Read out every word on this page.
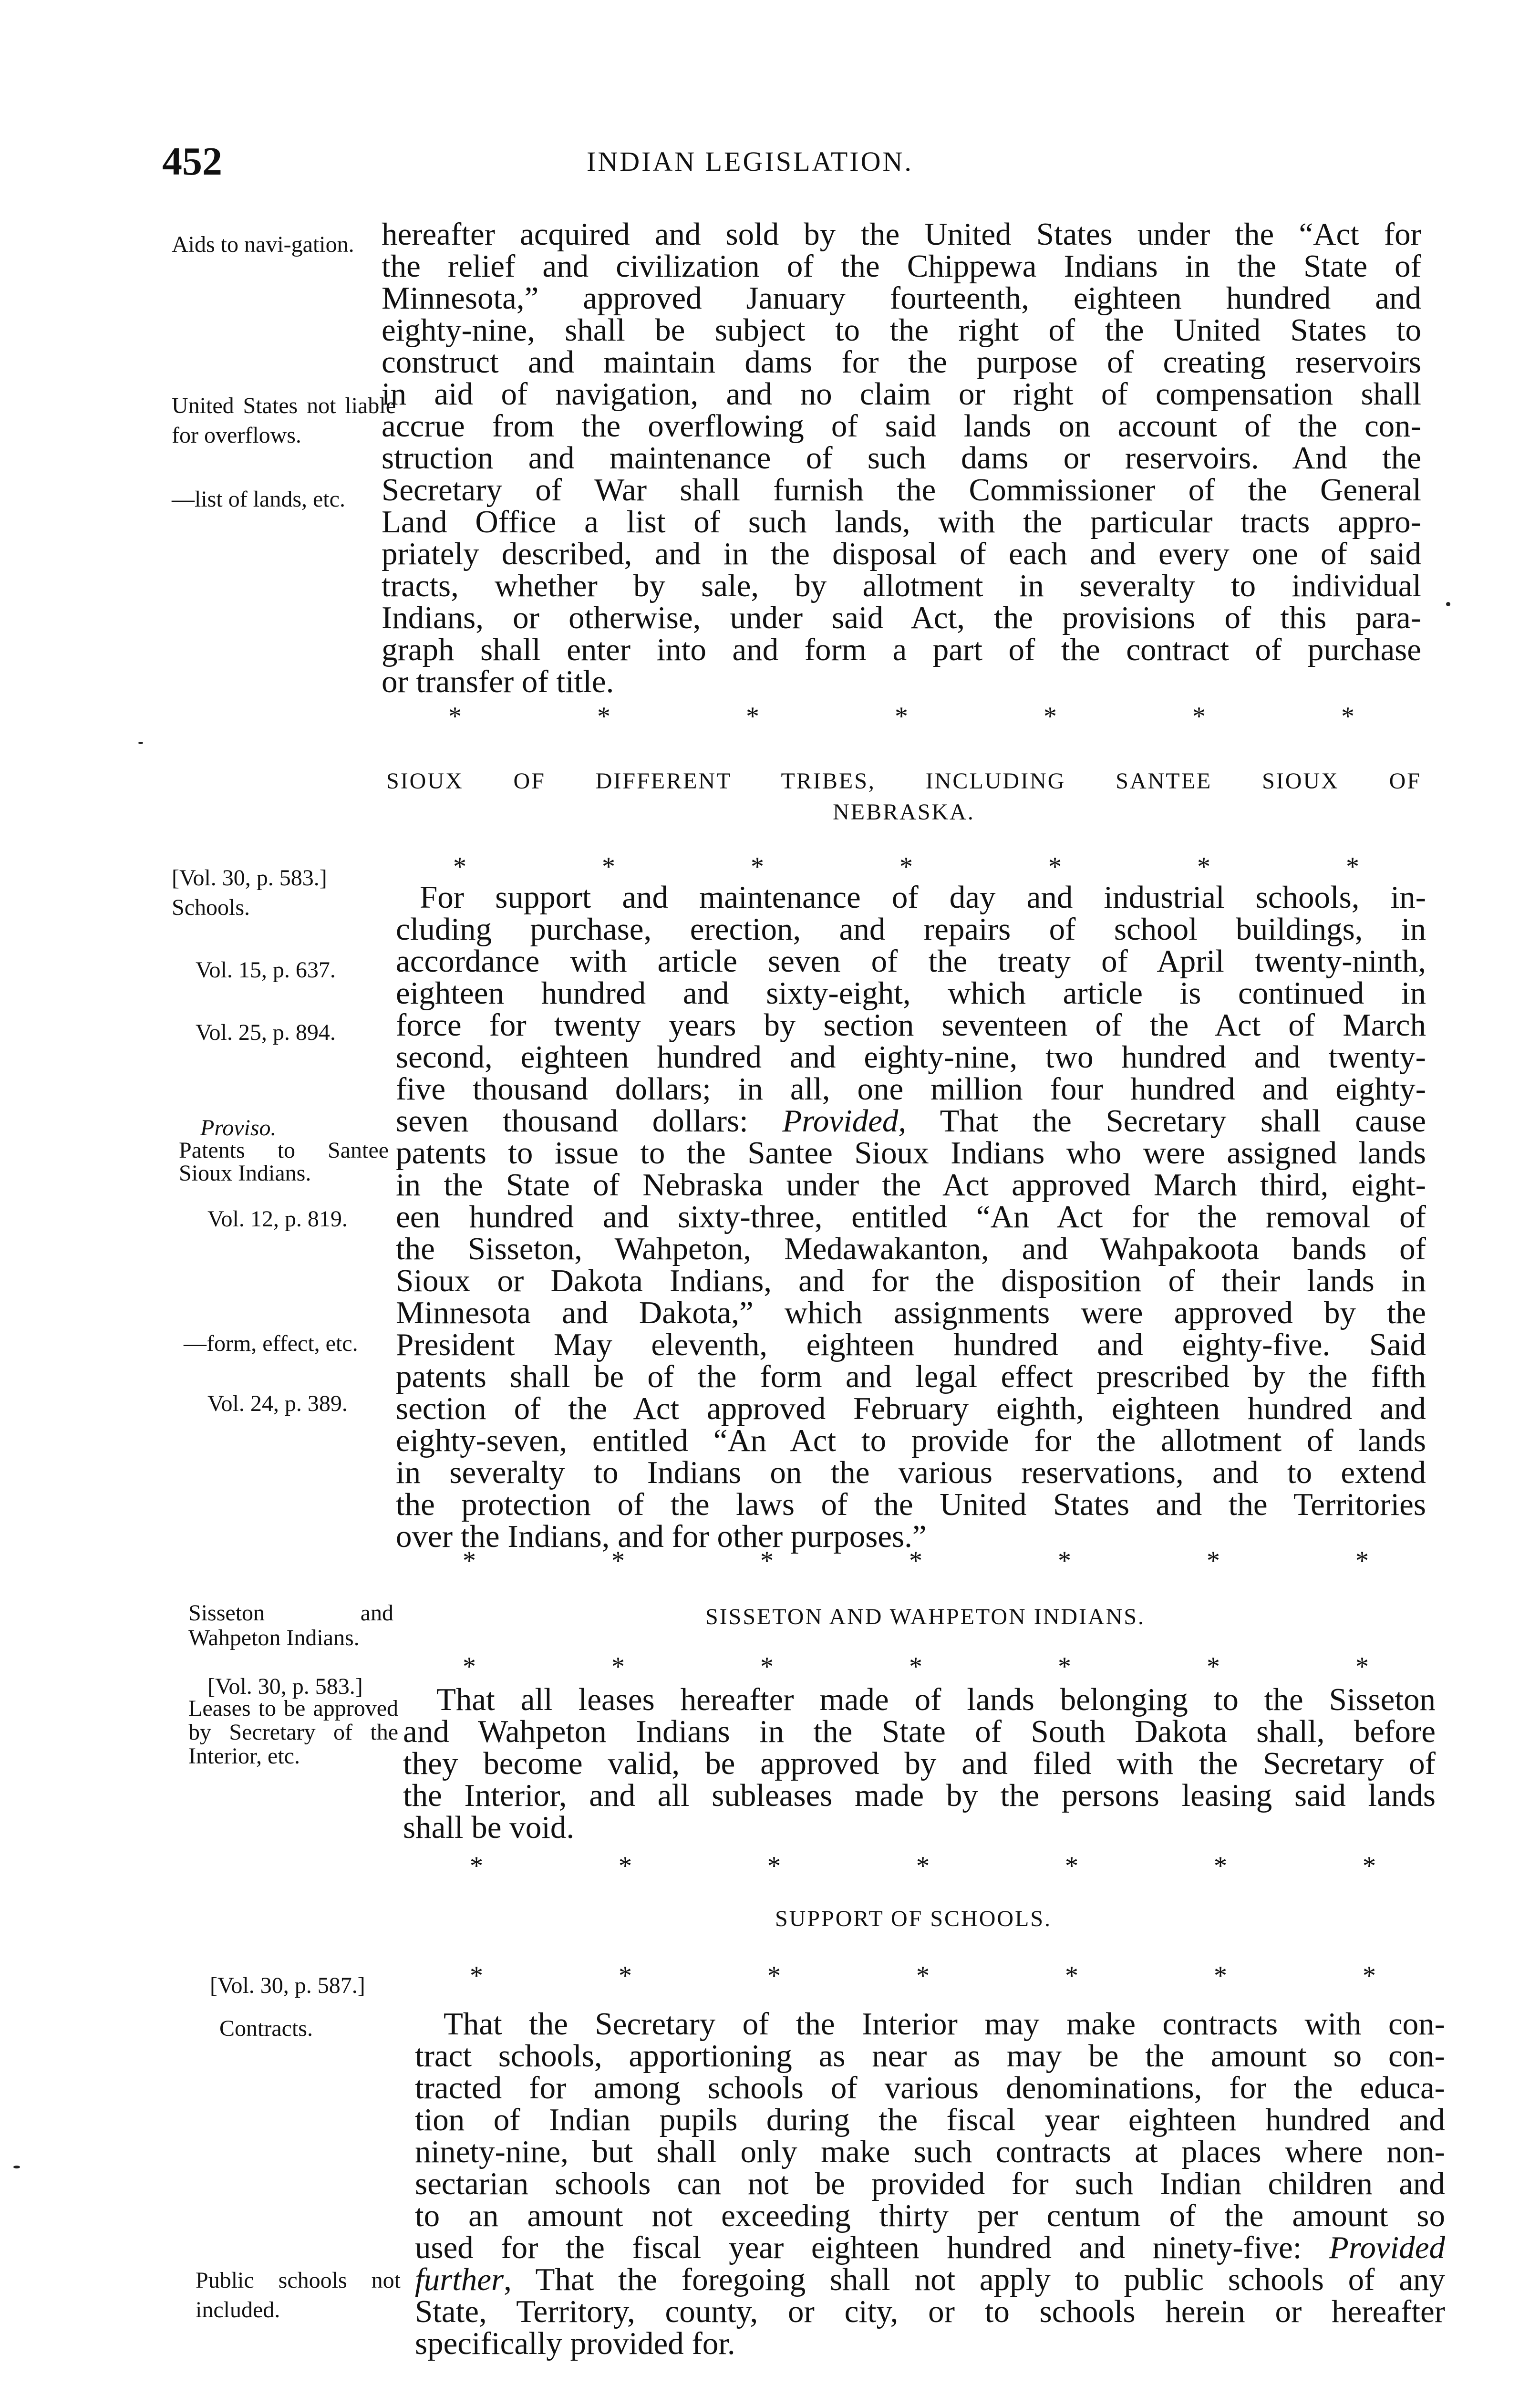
452	INDIAN LEGISLATION.
Aids to navi-gation.
United States not liable for overflows.
—list of lands, etc.
hereafter acquired and sold by the United States under the “Act for
the relief and civilization of the Chippewa Indians in the State of
Minnesota,” approved January fourteenth, eighteen hundred and
eighty-nine, shall be subject to the right of the United States to
construct and maintain dams for the purpose of creating reservoirs
in aid of navigation, and no claim or right of compensation shall
accrue from the overflowing of said lands on account of the con-
struction and maintenance of such dams or reservoirs. And the
Secretary of War shall furnish the Commissioner of the General
Land Office a list of such lands, with the particular tracts appro-
priately described, and in the disposal of each and every one of said
tracts, whether by sale, by allotment in severalty to individual
Indians, or otherwise, under said Act, the provisions of this para-
graph shall enter into and form a part of the contract of purchase
or transfer of title.
*	*	*	*	*	*	*
SIOUX OF DIFFERENT TRIBES, INCLUDING SANTEE SIOUX OF
NEBRASKA.
[Vol. 30, p. 583.]
Schools.
Vol. 15, p. 637.
Vol. 25, p. 894.
Proviso.
Patents to Santee Sioux Indians.
Vol. 12, p. 819.
—form, effect, etc.
Vol. 24, p. 389.
*	*	*	*	*	*	*
For support and maintenance of day and industrial schools, in-
cluding purchase, erection, and repairs of school buildings, in
accordance with article seven of the treaty of April twenty-ninth,
eighteen hundred and sixty-eight, which article is continued in
force for twenty years by section seventeen of the Act of March
second, eighteen hundred and eighty-nine, two hundred and twenty-
five thousand dollars; in all, one million four hundred and eighty-
seven thousand dollars: Provided, That the Secretary shall cause
patents to issue to the Santee Sioux Indians who were assigned lands
in the State of Nebraska under the Act approved March third, eight-
een hundred and sixty-three, entitled “An Act for the removal of
the Sisseton, Wahpeton, Medawakanton, and Wahpakoota bands of
Sioux or Dakota Indians, and for the disposition of their lands in
Minnesota and Dakota,” which assignments were approved by the
President May eleventh, eighteen hundred and eighty-five. Said
patents shall be of the form and legal effect prescribed by the fifth
section of the Act approved February eighth, eighteen hundred and
eighty-seven, entitled “An Act to provide for the allotment of lands
in severalty to Indians on the various reservations, and to extend
the protection of the laws of the United States and the Territories
over the Indians, and for other purposes.”
*	*	*	*	*	*	*
Sisseton and Wahpeton Indians.
[Vol. 30, p. 583.]
Leases to be approved by Secretary of the Interior, etc.
SISSETON AND WAHPETON INDIANS.
*	*	*	*	*	*	*
That all leases hereafter made of lands belonging to the Sisseton
and Wahpeton Indians in the State of South Dakota shall, before
they become valid, be approved by and filed with the Secretary of
the Interior, and all subleases made by the persons leasing said lands
shall be void.
*	*	*	*	*	*	*
SUPPORT OF SCHOOLS.
[Vol. 30, p. 587.]
Contracts.
Public schools not included.
*	*	*	*	*	*	*
That the Secretary of the Interior may make contracts with con-
tract schools, apportioning as near as may be the amount so con-
tracted for among schools of various denominations, for the educa-
tion of Indian pupils during the fiscal year eighteen hundred and
ninety-nine, but shall only make such contracts at places where non-
sectarian schools can not be provided for such Indian children and
to an amount not exceeding thirty per centum of the amount so
used for the fiscal year eighteen hundred and ninety-five: Provided
further, That the foregoing shall not apply to public schools of any
State, Territory, county, or city, or to schools herein or hereafter
specifically provided for.
